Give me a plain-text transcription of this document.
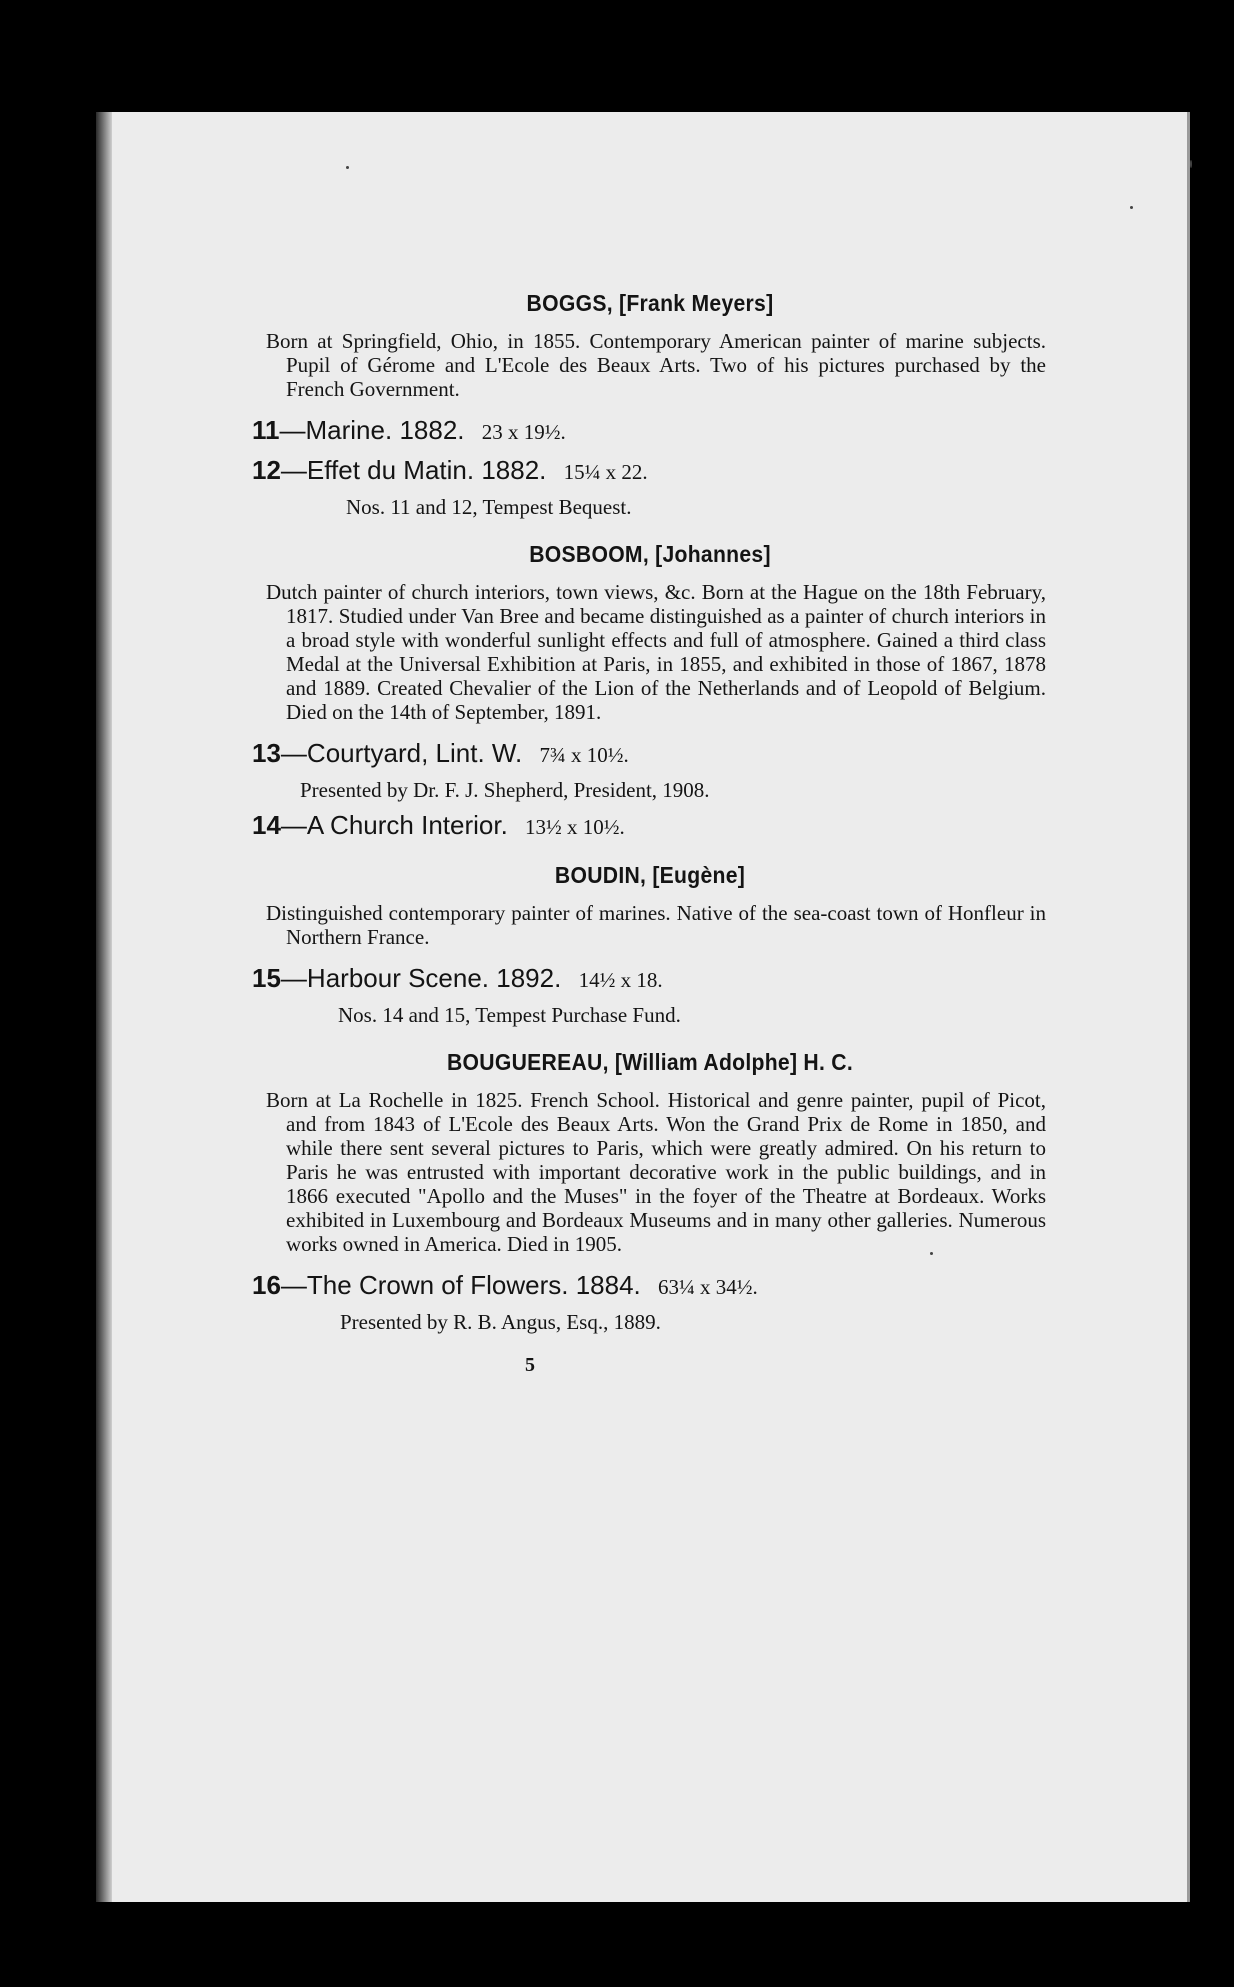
BOGGS, [Frank Meyers]

Born at Springfield, Ohio, in 1855. Contemporary American painter of marine subjects. Pupil of Gérome and L'Ecole des Beaux Arts. Two of his pictures purchased by the French Government.

11—Marine. 1882. 23 x 19½.
12—Effet du Matin. 1882. 15¼ x 22.
Nos. 11 and 12, Tempest Bequest.
BOSBOOM, [Johannes]

Dutch painter of church interiors, town views, &c. Born at the Hague on the 18th February, 1817. Studied under Van Bree and became distinguished as a painter of church interiors in a broad style with wonderful sunlight effects and full of atmosphere. Gained a third class Medal at the Universal Exhibition at Paris, in 1855, and exhibited in those of 1867, 1878 and 1889. Created Chevalier of the Lion of the Netherlands and of Leopold of Belgium. Died on the 14th of September, 1891.

13—Courtyard, Lint. W. 7¾ x 10½.
Presented by Dr. F. J. Shepherd, President, 1908.
14—A Church Interior. 13½ x 10½.
BOUDIN, [Eugène]

Distinguished contemporary painter of marines. Native of the sea-coast town of Honfleur in Northern France.

15—Harbour Scene. 1892. 14½ x 18.
Nos. 14 and 15, Tempest Purchase Fund.
BOUGUEREAU, [William Adolphe] H. C.

Born at La Rochelle in 1825. French School. Historical and genre painter, pupil of Picot, and from 1843 of L'Ecole des Beaux Arts. Won the Grand Prix de Rome in 1850, and while there sent several pictures to Paris, which were greatly admired. On his return to Paris he was entrusted with important decorative work in the public buildings, and in 1866 executed "Apollo and the Muses" in the foyer of the Theatre at Bordeaux. Works exhibited in Luxembourg and Bordeaux Museums and in many other galleries. Numerous works owned in America. Died in 1905.

16—The Crown of Flowers. 1884. 63¼ x 34½.
Presented by R. B. Angus, Esq., 1889.
5
